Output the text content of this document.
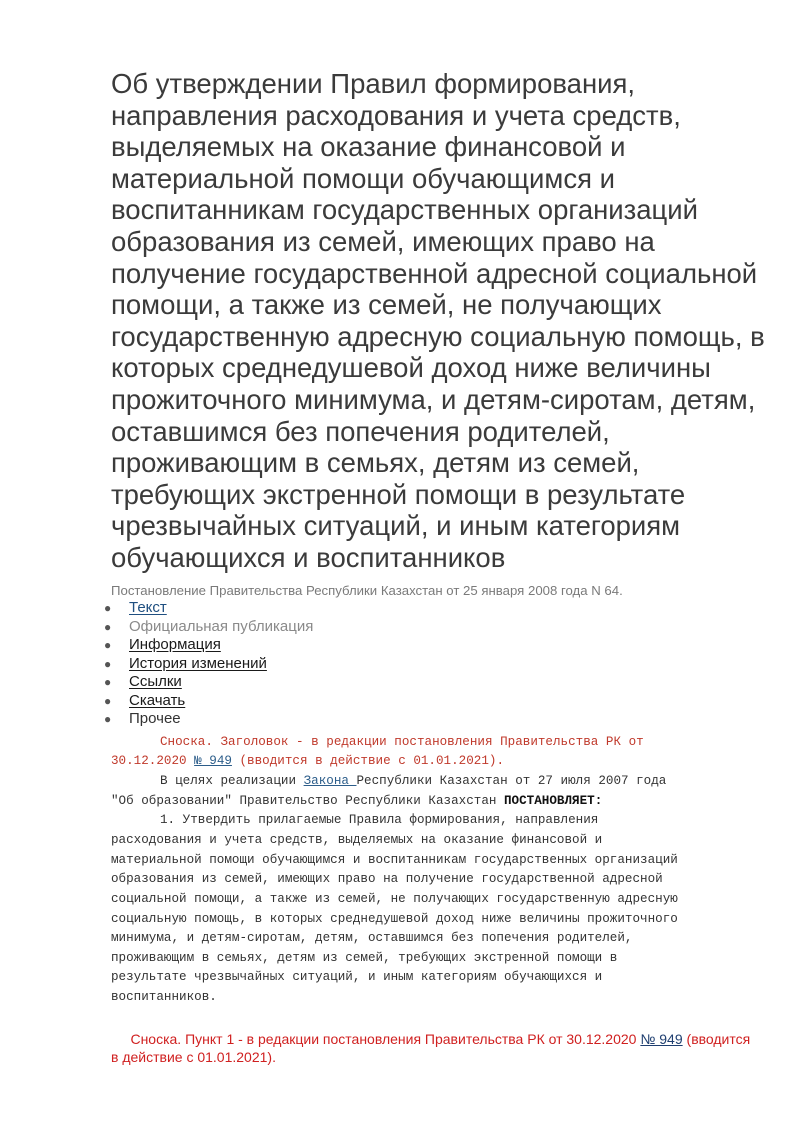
Об утверждении Правил формирования, направления расходования и учета средств, выделяемых на оказание финансовой и материальной помощи обучающимся и воспитанникам государственных организаций образования из семей, имеющих право на получение государственной адресной социальной помощи, а также из семей, не получающих государственную адресную социальную помощь, в которых среднедушевой доход ниже величины прожиточного минимума, и детям-сиротам, детям, оставшимся без попечения родителей, проживающим в семьях, детям из семей, требующих экстренной помощи в результате чрезвычайных ситуаций, и иным категориям обучающихся и воспитанников
Постановление Правительства Республики Казахстан от 25 января 2008 года N 64.
● Текст
● Официальная публикация
● Информация
● История изменений
● Ссылки
● Скачать
● Прочее
Сноска. Заголовок - в редакции постановления Правительства РК от
30.12.2020 № 949 (вводится в действие с 01.01.2021).
В целях реализации Закона Республики Казахстан от 27 июля 2007 года
"Об образовании" Правительство Республики Казахстан ПОСТАНОВЛЯЕТ:
1. Утвердить прилагаемые Правила формирования, направления
расходования и учета средств, выделяемых на оказание финансовой и
материальной помощи обучающимся и воспитанникам государственных организаций
образования из семей, имеющих право на получение государственной адресной
социальной помощи, а также из семей, не получающих государственную адресную
социальную помощь, в которых среднедушевой доход ниже величины прожиточного
минимума, и детям-сиротам, детям, оставшимся без попечения родителей,
проживающим в семьях, детям из семей, требующих экстренной помощи в
результате чрезвычайных ситуаций, и иным категориям обучающихся и
воспитанников.
Сноска. Пункт 1 - в редакции постановления Правительства РК от 30.12.2020 № 949 (вводится в действие с 01.01.2021).
